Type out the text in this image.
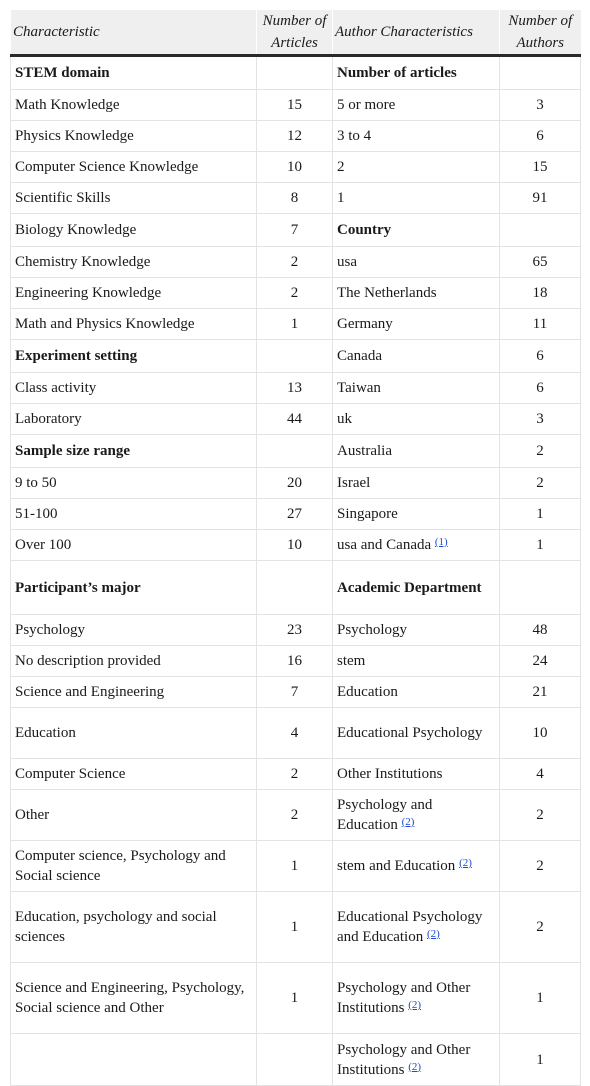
Characteristic	Number of Articles	Author Characteristics	Number of Authors
STEM domain		Number of articles	
Math Knowledge	15	5 or more	3
Physics Knowledge	12	3 to 4	6
Computer Science Knowledge	10	2	15
Scientific Skills	8	1	91
Biology Knowledge	7	Country	
Chemistry Knowledge	2	usa	65
Engineering Knowledge	2	The Netherlands	18
Math and Physics Knowledge	1	Germany	11
Experiment setting		Canada	6
Class activity	13	Taiwan	6
Laboratory	44	uk	3
Sample size range		Australia	2
9 to 50	20	Israel	2
51-100	27	Singapore	1
Over 100	10	usa and Canada $^{(1)}$	1
Participant’s major		Academic Department	
Psychology	23	Psychology	48
No description provided	16	stem	24
Science and Engineering	7	Education	21
Education	4	Educational Psychology	10
Computer Science	2	Other Institutions	4
Other	2	Psychology and Education $^{(2)}$	2
Computer science, Psychology and Social science	1	stem and Education $^{(2)}$	2
Education, psychology and social sciences	1	Educational Psychology and Education $^{(2)}$	2
Science and Engineering, Psychology, Social science and Other	1	Psychology and Other Institutions $^{(2)}$	1
		Psychology and Other Institutions $^{(2)}$	1
